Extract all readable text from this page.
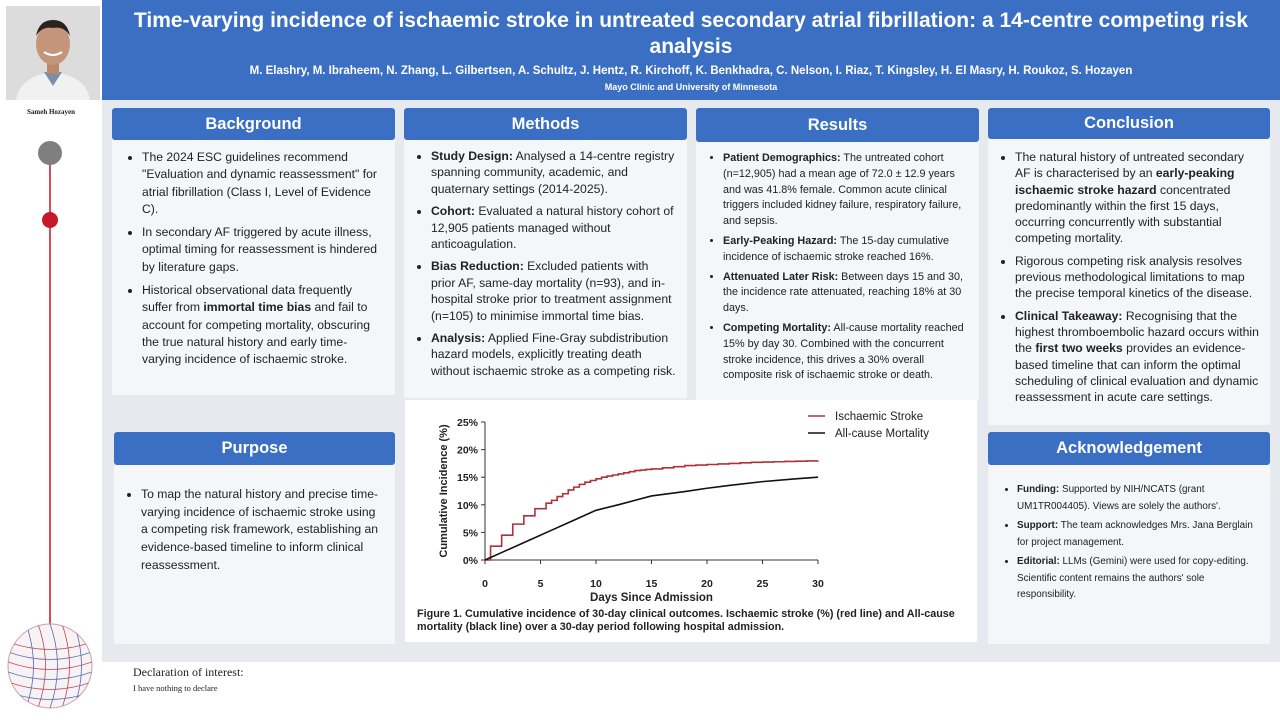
Sameh Hozayen
Time-varying incidence of ischaemic stroke in untreated secondary atrial fibrillation: a 14-centre competing risk analysis
M. Elashry, M. Ibraheem, N. Zhang, L. Gilbertsen, A. Schultz, J. Hentz, R. Kirchoff, K. Benkhadra, C. Nelson, I. Riaz, T. Kingsley, H. El Masry, H. Roukoz, S. Hozayen
Mayo Clinic and University of Minnesota
Background
• The 2024 ESC guidelines recommend "Evaluation and dynamic reassessment" for atrial fibrillation (Class I, Level of Evidence C).
• In secondary AF triggered by acute illness, optimal timing for reassessment is hindered by literature gaps.
• Historical observational data frequently suffer from immortal time bias and fail to account for competing mortality, obscuring the true natural history and early time-varying incidence of ischaemic stroke.
Methods
• Study Design: Analysed a 14-centre registry spanning community, academic, and quaternary settings (2014-2025).
• Cohort: Evaluated a natural history cohort of 12,905 patients managed without anticoagulation.
• Bias Reduction: Excluded patients with prior AF, same-day mortality (n=93), and in-hospital stroke prior to treatment assignment (n=105) to minimise immortal time bias.
• Analysis: Applied Fine-Gray subdistribution hazard models, explicitly treating death without ischaemic stroke as a competing risk.
Results
• Patient Demographics: The untreated cohort (n=12,905) had a mean age of 72.0 ± 12.9 years and was 41.8% female. Common acute clinical triggers included kidney failure, respiratory failure, and sepsis.
• Early-Peaking Hazard: The 15-day cumulative incidence of ischaemic stroke reached 16%.
• Attenuated Later Risk: Between days 15 and 30, the incidence rate attenuated, reaching 18% at 30 days.
• Competing Mortality: All-cause mortality reached 15% by day 30. Combined with the concurrent stroke incidence, this drives a 30% overall composite risk of ischaemic stroke or death.
Conclusion
• The natural history of untreated secondary AF is characterised by an early-peaking ischaemic stroke hazard concentrated predominantly within the first 15 days, occurring concurrently with substantial competing mortality.
• Rigorous competing risk analysis resolves previous methodological limitations to map the precise temporal kinetics of the disease.
• Clinical Takeaway: Recognising that the highest thromboembolic hazard occurs within the first two weeks provides an evidence-based timeline that can inform the optimal scheduling of clinical evaluation and dynamic reassessment in acute care settings.
Purpose
• To map the natural history and precise time-varying incidence of ischaemic stroke using a competing risk framework, establishing an evidence-based timeline to inform clinical reassessment.	0%
5%
10%
15%
20%
25%
0	5	10	15	20	25	30
Cumulative Incidence (%)
Days Since Admission
Ischaemic Stroke
All-cause Mortality
Figure 1. Cumulative incidence of 30-day clinical outcomes. Ischaemic stroke (%) (red line) and All-cause mortality (black line) over a 30-day period following hospital admission.
Acknowledgement
• Funding: Supported by NIH/NCATS (grant UM1TR004405). Views are solely the authors'.
• Support: The team acknowledges Mrs. Jana Berglain for project management.
• Editorial: LLMs (Gemini) were used for copy-editing. Scientific content remains the authors' sole responsibility.
Declaration of interest:
I have nothing to declare
